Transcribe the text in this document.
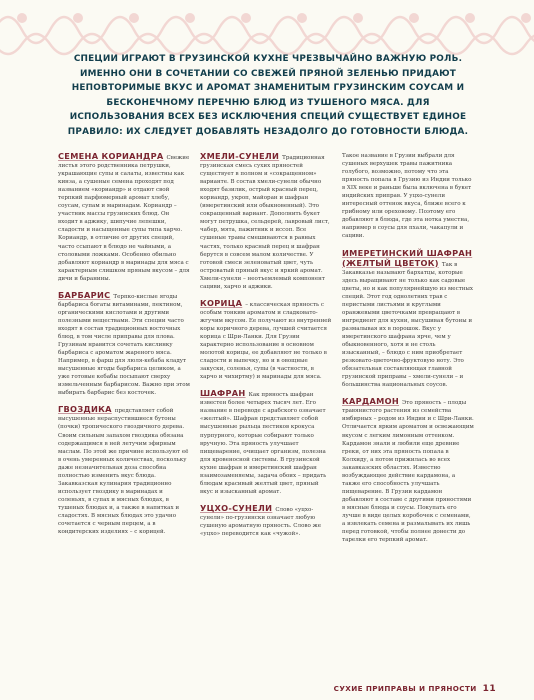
СПЕЦИИ ИГРАЮТ В ГРУЗИНСКОЙ КУХНЕ ЧРЕЗВЫЧАЙНО ВАЖНУЮ РОЛЬ. ИМЕННО ОНИ В СОЧЕТАНИИ СО СВЕЖЕЙ ПРЯНОЙ ЗЕЛЕНЬЮ ПРИДАЮТ НЕПОВТОРИМЫЕ ВКУС И АРОМАТ ЗНАМЕНИТЫМ ГРУЗИНСКИМ СОУСАМ И БЕСКОНЕЧНОМУ ПЕРЕЧНЮ БЛЮД ИЗ ТУШЕНОГО МЯСА. ДЛЯ ИСПОЛЬЗОВАНИЯ ВСЕХ БЕЗ ИСКЛЮЧЕНИЯ СПЕЦИЙ СУЩЕСТВУЕТ ЕДИНОЕ ПРАВИЛО: ИХ СЛЕДУЕТ ДОБАВЛЯТЬ НЕЗАДОЛГО ДО ГОТОВНОСТИ БЛЮДА.

СЕМЕНА КОРИАНДРА Свежие листья этого родственника петрушки, украшающие супы и салаты, известны как кинза, а сушеные семена проходят под названием «кориандр» и отдают свой терпкий парфюмерный аромат хлебу, соусам, супам и маринадам. Кориандр – участник массы грузинских блюд. Он входит в аджику, шипучие лепешки, сладости и насыщенные супы типа харчо. Кориандр, в отличие от других специй, часто ссыпают в блюдо не чайными, а столовыми ложками. Особенно обильно добавляют кориандр в маринады для мяса с характерным слишком пряным вкусом – для дичи и баранины.

БАРБАРИС Терпко-кислые ягоды барбариса богаты витаминами, пектином, органическими кислотами и другими полезными веществами. Эти специи часто входят в состав традиционных восточных блюд, в том числе приправы для плова. Грузинам нравится сочетать кислинку барбариса с ароматом жареного мяса. Например, в фарш для люля-кебаба кладут высушенные ягоды барбариса целиком, а уже готовые кебабы посыпают сверху измельченным барбарисом. Важно при этом выбирать барбарис без косточек.

ГВОЗДИКА представляет собой высушенные нераспустившиеся бутоны (почки) тропического гвоздичного дерева. Своим сильным запахом гвоздика обязана содержащимся в ней летучим эфирным маслам. По этой же причине используют её в очень умеренных количествах, поскольку даже незначительная доза способна полностью изменить вкус блюда. Закавказская кулинария традиционно использует гвоздику в маринадах и соленьях, в супах и мясных блюдах, в тушеных блюдах и, а также в напитках и сладостях. В мясных блюдах это удачно сочетается с черным перцем, а в кондитерских изделиях – с корицей.

ХМЕЛИ-СУНЕЛИ Традиционная грузинская смесь сухих пряностей существует в полном и «сокращенном» варианте. В состав хмели-сунели обычно входят базилик, острый красный перец, кориандр, укроп, майоран и шафран (имеретинский или обыкновенный). Это сокращенный вариант. Дополнить букет могут петрушка, сельдерей, лавровый лист, чабер, мята, пажитник и иссоп. Все сушеные травы смешиваются в равных частях, только красный перец и шафран берутся в совсем малом количестве. У готовой смеси зеленоватый цвет, чуть островатый пряный вкус и яркий аромат. Хмели-сунели – неотъемлемый компонент сациви, харчо и аджики.

КОРИЦА – классическая пряность с особым тонким ароматом и сладковато-жгучим вкусом. Ее получают из внутренней коры коричного дерева, лучшей считается корица с Шри-Ланки. Для Грузии характерно использование в основном молотой корицы, ее добавляют не только в сладости и выпечку, но и в овощные закуски, соленья, супы (в частности, в харчо и чихиртму) и маринады для мяса.

ШАФРАН Как пряность шафран известен более четырех тысяч лет. Его название в переводе с арабского означает «желтый». Шафран представляет собой высушенные рыльца пестиков крокуса пурпурного, которые собирают только вручную. Эта пряность улучшает пищеварение, очищает организм, полезна для кровеносной системы. В грузинской кухне шафран и имеретинский шафран взаимозаменяемы, задача обоих – придать блюдам красивый желтый цвет, пряный вкус и изысканный аромат.

УЦХО-СУНЕЛИ Слово «уцхо-сунели» по-грузински означает любую сушеную ароматную пряность. Слово же «уцхо» переводится как «чужой».

Такое название в Грузии выбрали для сушеных верхушек травы пажитника голубого, возможно, потому что эта пряность попала в Грузию из Индии только в XIX веке и раньше была включена в букет индийских приправ. У уцхо-сунели интересный оттенок вкуса, ближе всего к грибному или ореховому. Поэтому его добавляют в блюда, где эта нотка уместна, например в соусы для пхали, чакапули и сациви.

ИМЕРЕТИНСКИЙ ШАФРАН (ЖЕЛТЫЙ ЦВЕТОК) Так в Закавказье называют бархатцы, которые здесь выращивают не только как садовые цветы, но и как популярнейшую из местных специй. Этот год однолетних трав с перистыми листьями и круглыми оранжевыми цветочками превращают в ингредиент для кухни, высушивая бутоны и размалывая их в порошок. Вкус у имеретинского шафрана ярче, чем у обыкновенного, хотя и не столь изысканный, – блюдо с ним приобретает резковато-цветочно-фруктовую ноту. Это обязательная составляющая главной грузинской приправы – хмели-сунели – и большинства национальных соусов.

КАРДАМОН Это пряность – плоды травянистого растения из семейства имбирных – родом из Индии и с Шри-Ланки. Отличается ярким ароматом и освежающим вкусом с легким лимонным оттенком. Кардамон знали и любили еще древние греки, от них эта пряность попала в Колхиду, а потом прижилась во всех закавказских областях. Известно возбуждающее действие кардамона, а также его способность улучшать пищеварение. В Грузии кардамон добавляют в составе с другими пряностями в мясные блюда и соусы. Покупать его лучше в виде целых коробочек с семенами, а извлекать семена и размалывать их лишь перед готовкой, чтобы полнее донести до тарелки его терпкий аромат.

СУХИЕ ПРИПРАВЫ И ПРЯНОСТИ 11
